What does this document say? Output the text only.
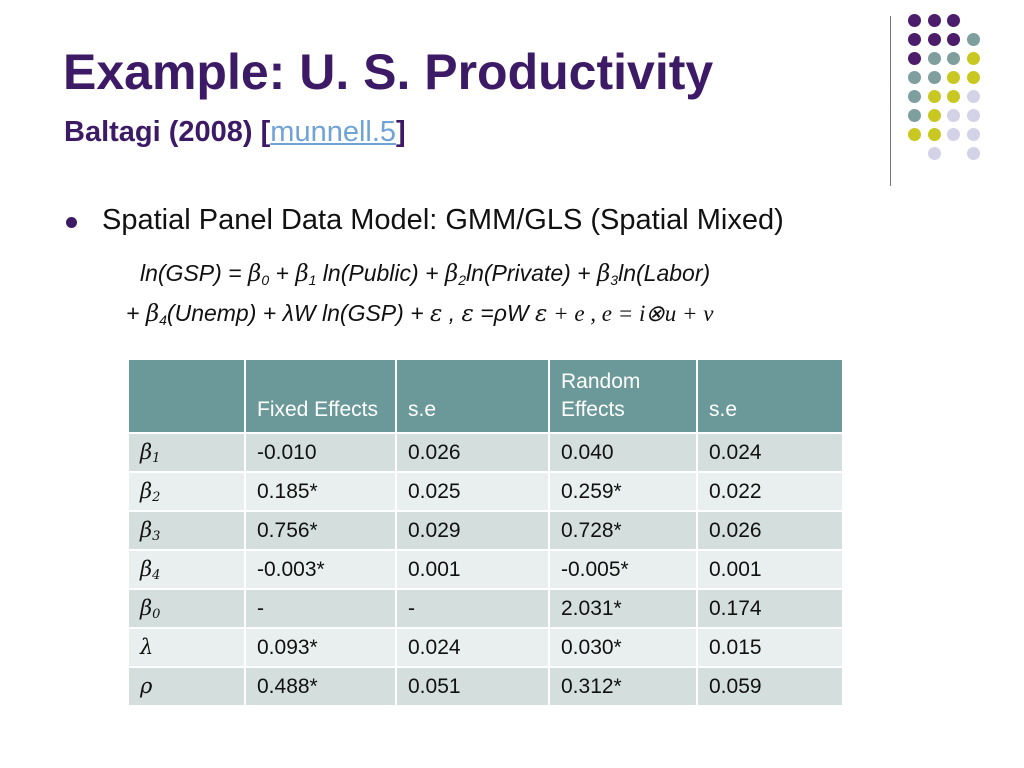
Example: U. S. Productivity
Baltagi (2008) [munnell.5]
Spatial Panel Data Model: GMM/GLS (Spatial Mixed)
$\ln(GSP) = \beta_0 + \beta_1$ ln(Public) + $\beta_2\ln(Private)$ + $\beta_3\ln(Labor)$
+ $\beta_4(Unemp) + \lambda W$ ln(GSP) + ε , ε =ρW ε + e , e = i⊗u + v
	Fixed Effects	s.e	Random Effects	s.e
$\beta_1$	-0.010	0.026	0.040	0.024
$\beta_2$	0.185*	0.025	0.259*	0.022
$\beta_3$	0.756*	0.029	0.728*	0.026
$\beta_4$	-0.003*	0.001	-0.005*	0.001
$\beta_0$	-	-	2.031*	0.174
λ	0.093*	0.024	0.030*	0.015
ρ	0.488*	0.051	0.312*	0.059
